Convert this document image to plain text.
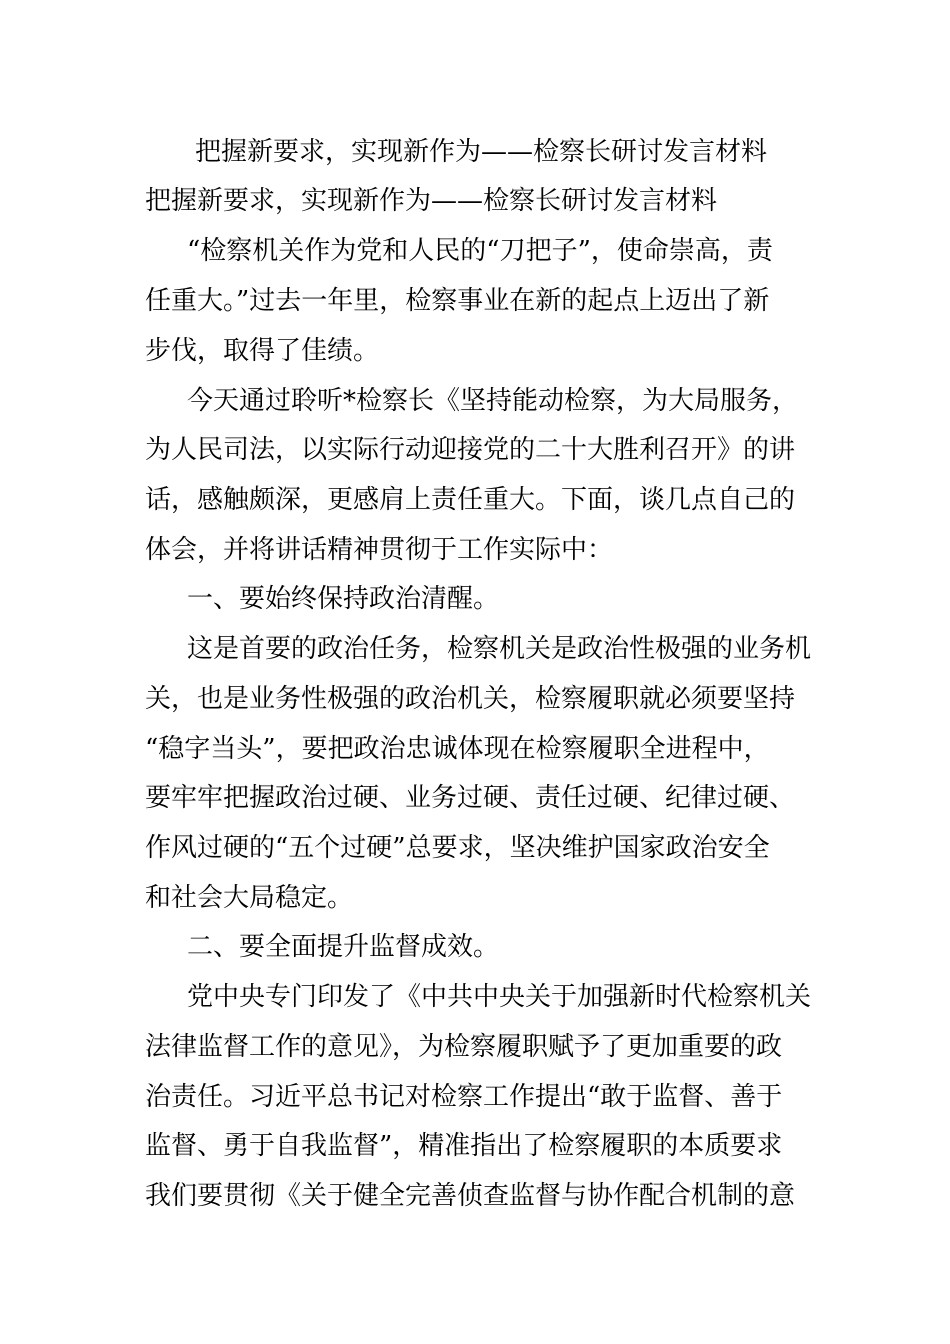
把握新要求，实现新作为——检察长研讨发言材料
把握新要求，实现新作为——检察长研讨发言材料
“检察机关作为党和人民的“刀把子”，使命崇高，责
任重大。”过去一年里，检察事业在新的起点上迈出了新
步伐，取得了佳绩。
今天通过聆听*检察长《坚持能动检察，为大局服务，
为人民司法，以实际行动迎接党的二十大胜利召开》的讲
话，感触颇深，更感肩上责任重大。下面，谈几点自己的
体会，并将讲话精神贯彻于工作实际中：
一、要始终保持政治清醒。
这是首要的政治任务，检察机关是政治性极强的业务机
关，也是业务性极强的政治机关，检察履职就必须要坚持
“稳字当头”，要把政治忠诚体现在检察履职全进程中，
要牢牢把握政治过硬、业务过硬、责任过硬、纪律过硬、
作风过硬的“五个过硬”总要求，坚决维护国家政治安全
和社会大局稳定。
二、要全面提升监督成效。
党中央专门印发了《中共中央关于加强新时代检察机关
法律监督工作的意见》，为检察履职赋予了更加重要的政
治责任。习近平总书记对检察工作提出“敢于监督、善于
监督、勇于自我监督”，精准指出了检察履职的本质要求
我们要贯彻《关于健全完善侦查监督与协作配合机制的意
